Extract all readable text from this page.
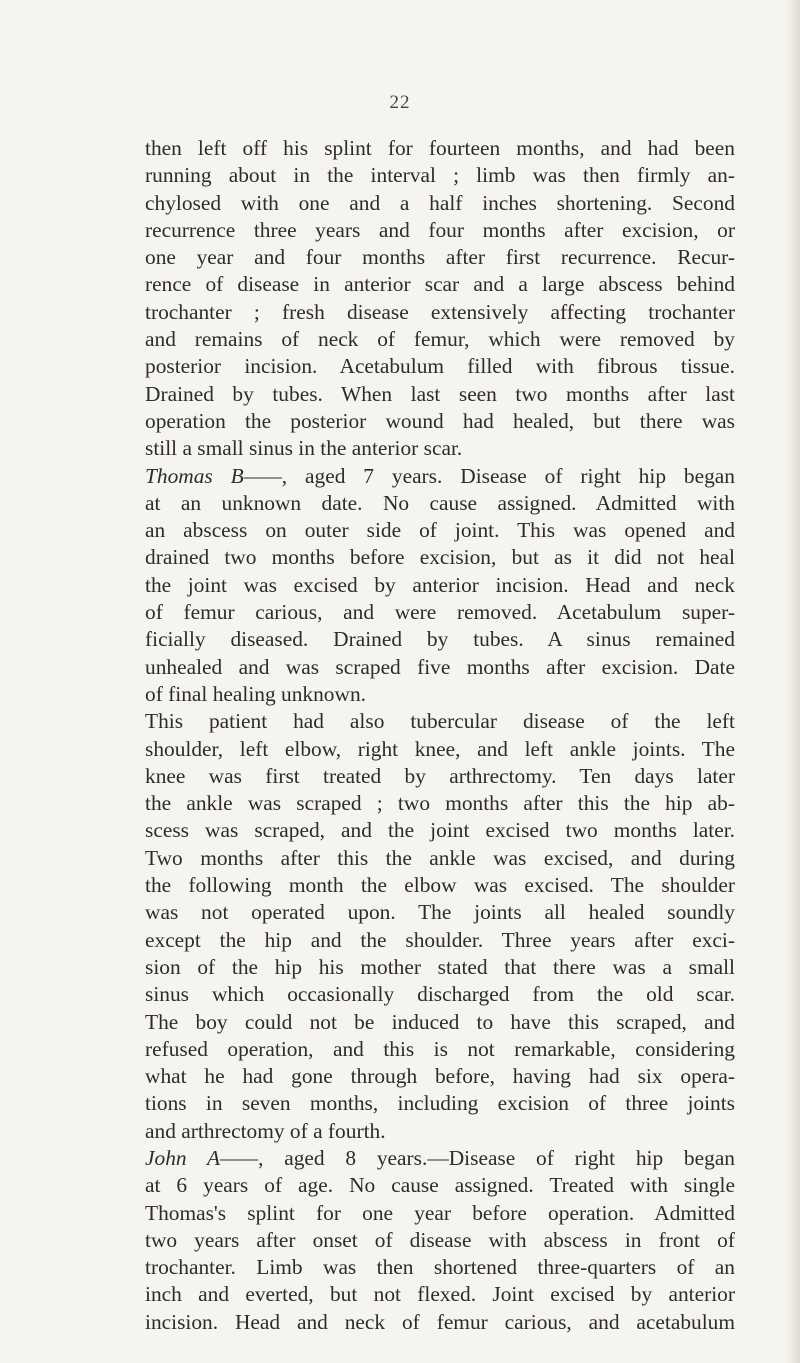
22
then left off his splint for fourteen months, and had been
running about in the interval ; limb was then firmly an-
chylosed with one and a half inches shortening. Second
recurrence three years and four months after excision, or
one year and four months after first recurrence. Recur-
rence of disease in anterior scar and a large abscess behind
trochanter ; fresh disease extensively affecting trochanter
and remains of neck of femur, which were removed by
posterior incision. Acetabulum filled with fibrous tissue.
Drained by tubes. When last seen two months after last
operation the posterior wound had healed, but there was
still a small sinus in the anterior scar.
Thomas B——, aged 7 years. Disease of right hip began
at an unknown date. No cause assigned. Admitted with
an abscess on outer side of joint. This was opened and
drained two months before excision, but as it did not heal
the joint was excised by anterior incision. Head and neck
of femur carious, and were removed. Acetabulum super-
ficially diseased. Drained by tubes. A sinus remained
unhealed and was scraped five months after excision. Date
of final healing unknown.
This patient had also tubercular disease of the left
shoulder, left elbow, right knee, and left ankle joints. The
knee was first treated by arthrectomy. Ten days later
the ankle was scraped ; two months after this the hip ab-
scess was scraped, and the joint excised two months later.
Two months after this the ankle was excised, and during
the following month the elbow was excised. The shoulder
was not operated upon. The joints all healed soundly
except the hip and the shoulder. Three years after exci-
sion of the hip his mother stated that there was a small
sinus which occasionally discharged from the old scar.
The boy could not be induced to have this scraped, and
refused operation, and this is not remarkable, considering
what he had gone through before, having had six opera-
tions in seven months, including excision of three joints
and arthrectomy of a fourth.
John A——, aged 8 years.—Disease of right hip began
at 6 years of age. No cause assigned. Treated with single
Thomas's splint for one year before operation. Admitted
two years after onset of disease with abscess in front of
trochanter. Limb was then shortened three-quarters of an
inch and everted, but not flexed. Joint excised by anterior
incision. Head and neck of femur carious, and acetabulum
